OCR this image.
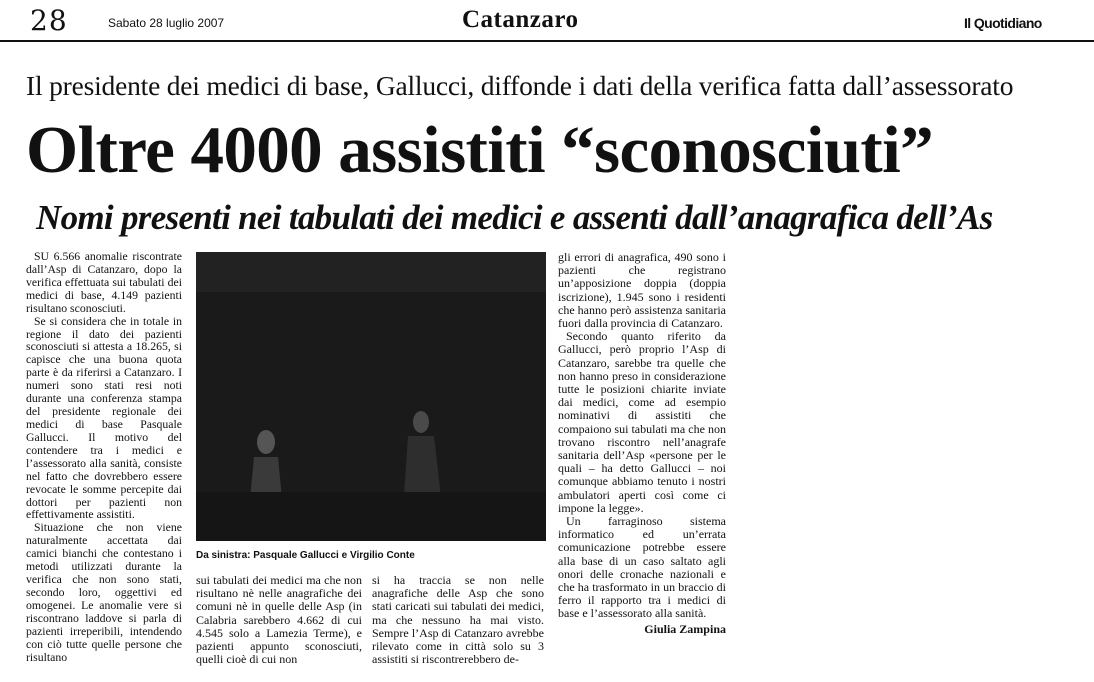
28	Sabato 28 luglio 2007	Catanzaro	Il Quotidiano
Il presidente dei medici di base, Gallucci, diffonde i dati della verifica fatta dall’assessorato
Oltre 4000 assistiti “sconosciuti”
Nomi presenti nei tabulati dei medici e assenti dall’anagrafica dell’As

SU 6.566 anomalie riscontrate dall’Asp di Catanzaro, dopo la verifica effettuata sui tabulati dei medici di base, 4.149 pazienti risultano sconosciuti.

Se si considera che in totale in regione il dato dei pazienti sconosciuti si attesta a 18.265, si capisce che una buona quota parte è da riferirsi a Catanzaro. I numeri sono stati resi noti durante una conferenza stampa del presidente regionale dei medici di base Pasquale Gallucci. Il motivo del contendere tra i medici e l’assessorato alla sanità, consiste nel fatto che dovrebbero essere revocate le somme percepite dai dottori per pazienti non effettivamente assistiti.

Situazione che non viene naturalmente accettata dai camici bianchi che contestano i metodi utilizzati durante la verifica che non sono stati, secondo loro, oggettivi ed omogenei. Le anomalie vere si riscontrano laddove si parla di pazienti irreperibili, intendendo con ciò tutte quelle persone che risultano

Da sinistra: Pasquale Gallucci e Virgilio Conte

sui tabulati dei medici ma che non risultano nè nelle anagrafiche dei comuni nè in quelle delle Asp (in Calabria sarebbero 4.662 di cui 4.545 solo a Lamezia Terme), e pazienti appunto sconosciuti, quelli cioè di cui non

si ha traccia se non nelle anagrafiche delle Asp che sono stati caricati sui tabulati dei medici, ma che nessuno ha mai visto. Sempre l’Asp di Catanzaro avrebbe rilevato come in città solo su 3 assistiti si riscontrerebbero de-

gli errori di anagrafica, 490 sono i pazienti che registrano un’apposizione doppia (doppia iscrizione), 1.945 sono i residenti che hanno però assistenza sanitaria fuori dalla provincia di Catanzaro.

Secondo quanto riferito da Gallucci, però proprio l’Asp di Catanzaro, sarebbe tra quelle che non hanno preso in considerazione tutte le posizioni chiarite inviate dai medici, come ad esempio nominativi di assistiti che compaiono sui tabulati ma che non trovano riscontro nell’anagrafe sanitaria dell’Asp «persone per le quali – ha detto Gallucci – noi comunque abbiamo tenuto i nostri ambulatori aperti così come ci impone la legge».

Un farraginoso sistema informatico ed un’errata comunicazione potrebbe essere alla base di un caso saltato agli onori delle cronache nazionali e che ha trasformato in un braccio di ferro il rapporto tra i medici di base e l’assessorato alla sanità.

Giulia Zampina
